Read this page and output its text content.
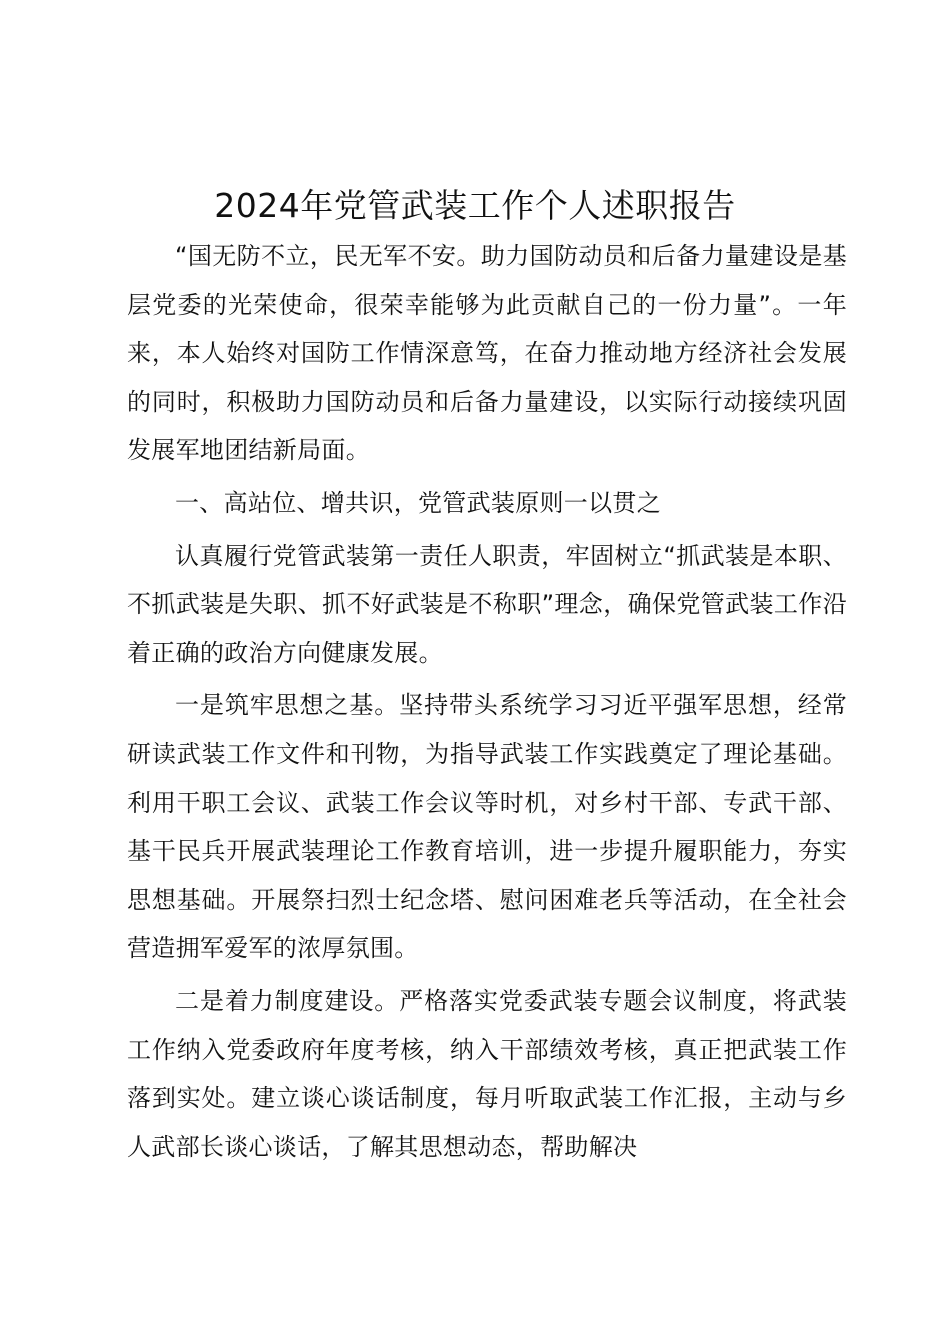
2024年党管武装工作个人述职报告

“国无防不立，民无军不安。助力国防动员和后备力量建设是基层党委的光荣使命，很荣幸能够为此贡献自己的一份力量”。一年来，本人始终对国防工作情深意笃，在奋力推动地方经济社会发展的同时，积极助力国防动员和后备力量建设，以实际行动接续巩固发展军地团结新局面。

一、高站位、增共识，党管武装原则一以贯之

认真履行党管武装第一责任人职责，牢固树立“抓武装是本职、不抓武装是失职、抓不好武装是不称职”理念，确保党管武装工作沿着正确的政治方向健康发展。

一是筑牢思想之基。坚持带头系统学习习近平强军思想，经常研读武装工作文件和刊物，为指导武装工作实践奠定了理论基础。利用干职工会议、武装工作会议等时机，对乡村干部、专武干部、基干民兵开展武装理论工作教育培训，进一步提升履职能力，夯实思想基础。开展祭扫烈士纪念塔、慰问困难老兵等活动，在全社会营造拥军爱军的浓厚氛围。

二是着力制度建设。严格落实党委武装专题会议制度，将武装工作纳入党委政府年度考核，纳入干部绩效考核，真正把武装工作落到实处。建立谈心谈话制度，每月听取武装工作汇报，主动与乡人武部长谈心谈话，了解其思想动态，帮助解决
